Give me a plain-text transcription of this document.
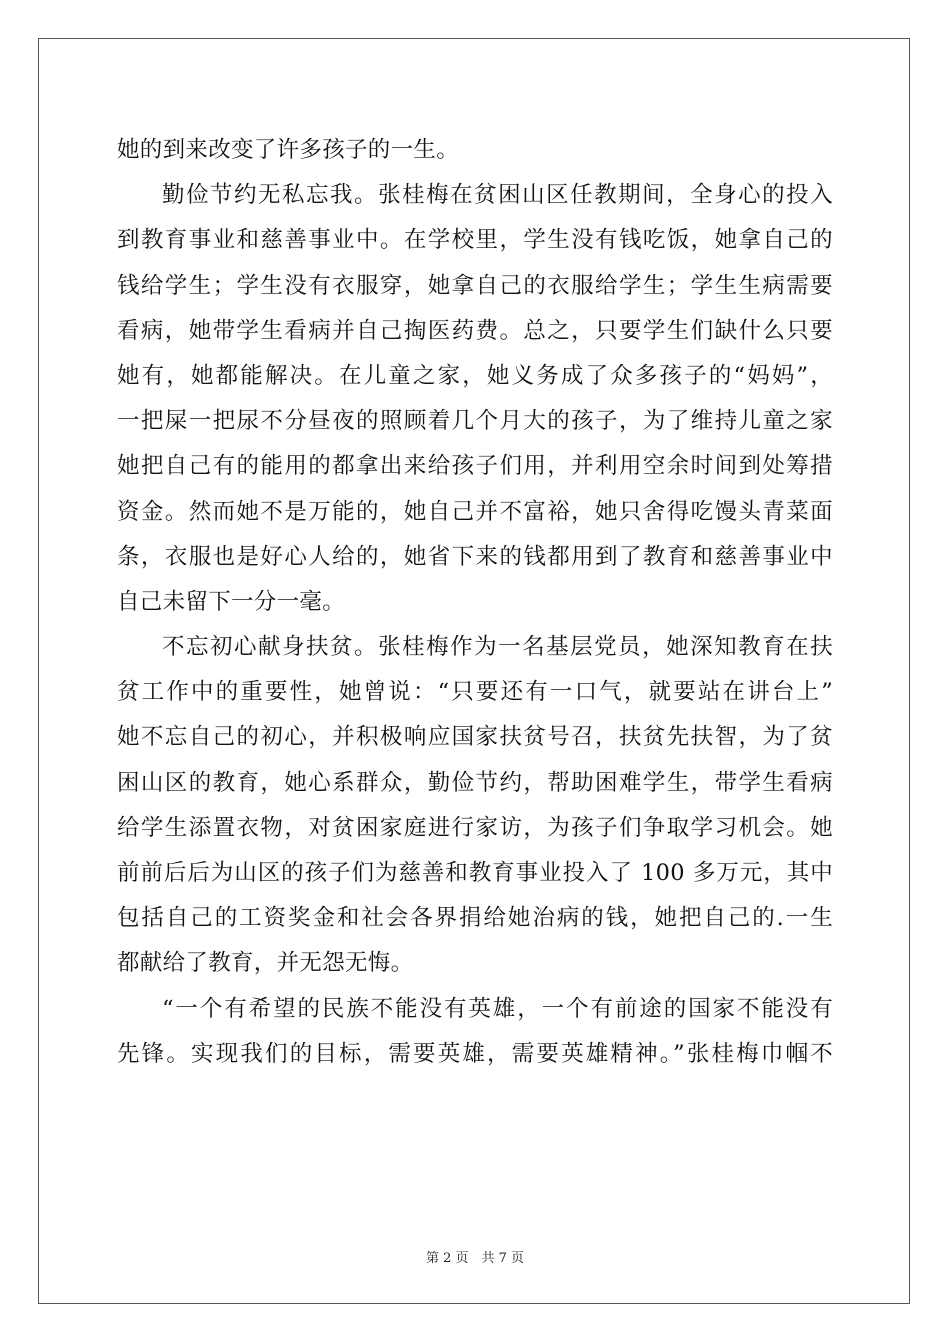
她的到来改变了许多孩子的一生。
勤俭节约无私忘我。张桂梅在贫困山区任教期间，全身心的投入
到教育事业和慈善事业中。在学校里，学生没有钱吃饭，她拿自己的
钱给学生；学生没有衣服穿，她拿自己的衣服给学生；学生生病需要
看病，她带学生看病并自己掏医药费。总之，只要学生们缺什么只要
她有，她都能解决。在儿童之家，她义务成了众多孩子的“妈妈”，
一把屎一把尿不分昼夜的照顾着几个月大的孩子，为了维持儿童之家
她把自己有的能用的都拿出来给孩子们用，并利用空余时间到处筹措
资金。然而她不是万能的，她自己并不富裕，她只舍得吃馒头青菜面
条，衣服也是好心人给的，她省下来的钱都用到了教育和慈善事业中
自己未留下一分一毫。
不忘初心献身扶贫。张桂梅作为一名基层党员，她深知教育在扶
贫工作中的重要性，她曾说：“只要还有一口气，就要站在讲台上”
她不忘自己的初心，并积极响应国家扶贫号召，扶贫先扶智，为了贫
困山区的教育，她心系群众，勤俭节约，帮助困难学生，带学生看病
给学生添置衣物，对贫困家庭进行家访，为孩子们争取学习机会。她
前前后后为山区的孩子们为慈善和教育事业投入了 100 多万元，其中
包括自己的工资奖金和社会各界捐给她治病的钱，她把自己的.一生
都献给了教育，并无怨无悔。
“一个有希望的民族不能没有英雄，一个有前途的国家不能没有
先锋。实现我们的目标，需要英雄，需要英雄精神。”张桂梅巾帼不
第 2 页　共 7 页
